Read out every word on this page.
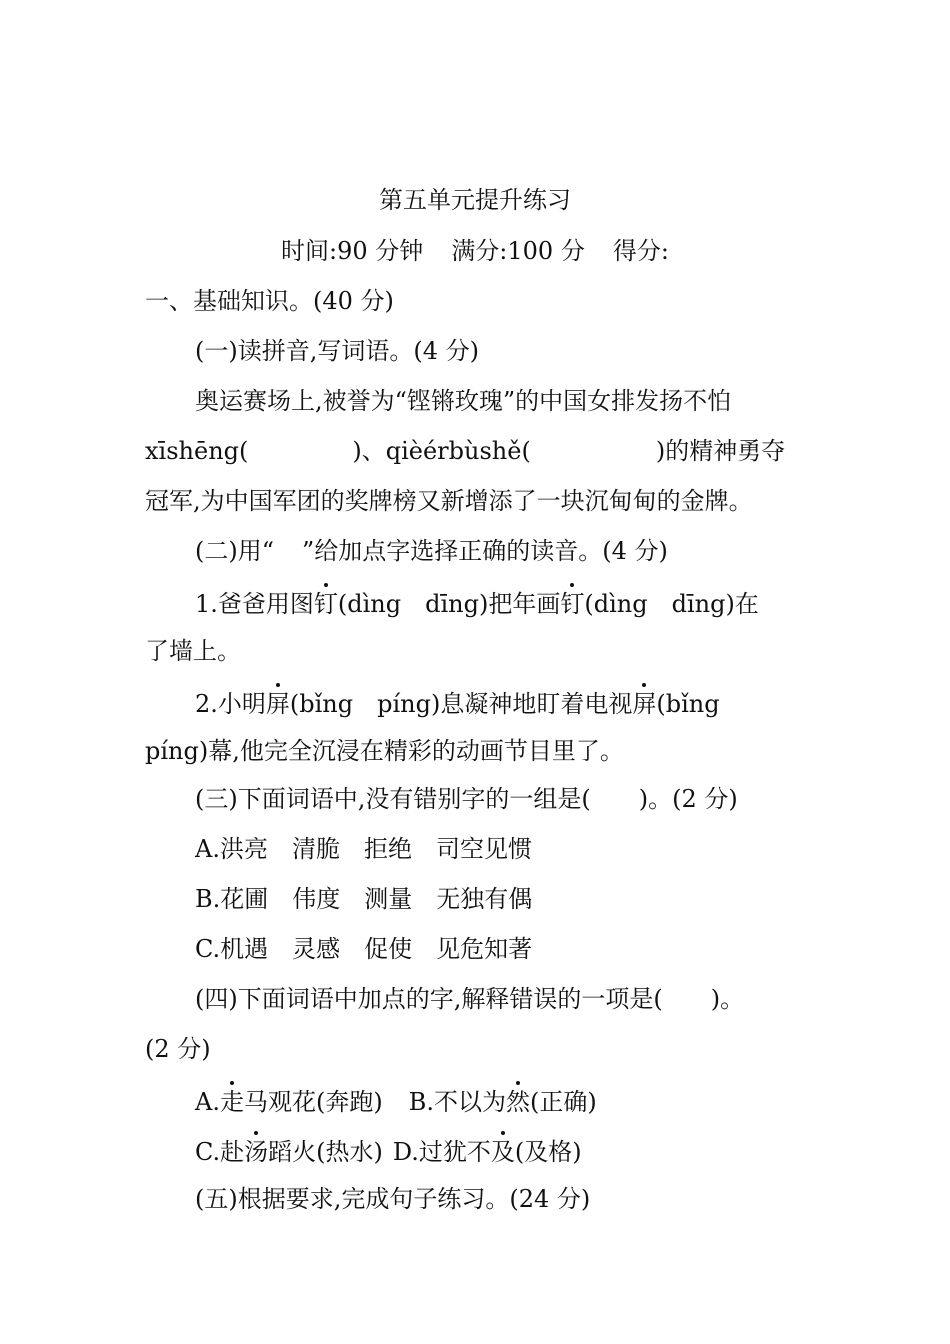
第五单元提升练习
时间:90 分钟 满分:100 分 得分:
一、基础知识。(40 分)
(一)读拼音,写词语。(4 分)
奥运赛场上,被誉为“铿锵玫瑰”的中国女排发扬不怕
xīshēng(	)、qièérbùshě(	)的精神勇夺
冠军,为中国军团的奖牌榜又新增添了一块沉甸甸的金牌。
(二)用“ ”给加点字选择正确的读音。(4 分)
1.爸爸用图钉(dìng　dīng)把年画钉(dìng　dīng)在
了墙上。
2.小明屏(bǐng　píng)息凝神地盯着电视屏(bǐng
píng)幕,他完全沉浸在精彩的动画节目里了。
(三)下面词语中,没有错别字的一组是( )。(2 分)
A.洪亮　清脆　拒绝　司空见惯
B.花圃　伟度　测量　无独有偶
C.机遇　灵感　促使　见危知著
(四)下面词语中加点的字,解释错误的一项是( )。
(2 分)
A.走马观花(奔跑) B.不以为然(正确)
C.赴汤蹈火(热水) D.过犹不及(及格)
(五)根据要求,完成句子练习。(24 分)
